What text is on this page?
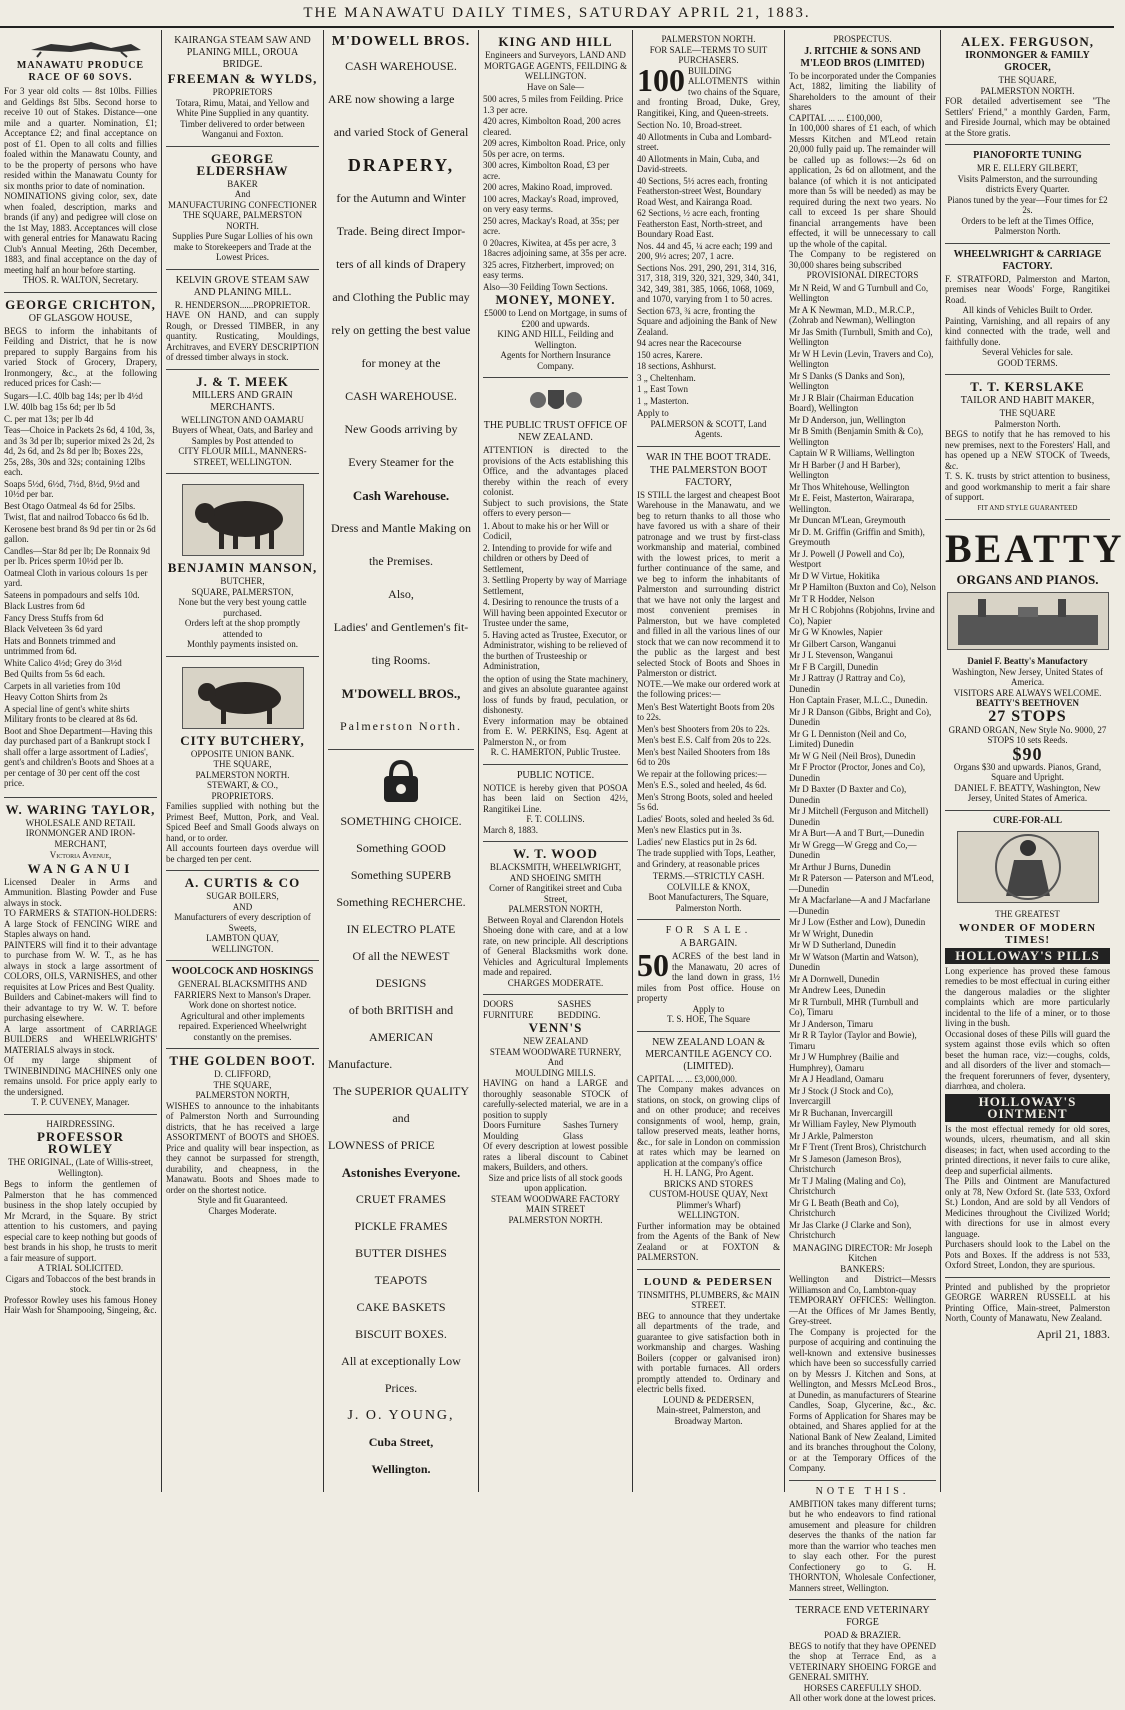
THE MANAWATU DAILY TIMES, SATURDAY APRIL 21, 1883.
MANAWATU PRODUCE RACE OF 60 SOVS.
For 3 year old colts — 8st 10lbs. Fillies and Geldings 8st 5lbs. Second horse to receive 10 out of Stakes. Distance—one mile and a quarter. Nomination, £1; Acceptance £2; and final acceptance on post of £1. Open to all colts and fillies foaled within the Manawatu County, and to be the property of persons who have resided within the Manawatu County for six months prior to date of nomination.
NOMINATIONS giving color, sex, date when foaled, description, marks and brands (if any) and pedigree will close on the 1st May, 1883. Acceptances will close with general entries for Manawatu Racing Club's Annual Meeting, 26th December, 1883, and final acceptance on the day of meeting half an hour before starting.
THOS. R. WALTON, Secretary.
GEORGE CRICHTON,
OF GLASGOW HOUSE,
BEGS to inform the inhabitants of Feilding and District, that he is now prepared to supply Bargains from his varied Stock of Grocery, Drapery, Ironmongery, &c., at the following reduced prices for Cash:—
Sugars—I.C. 40lb bag 14s; per lb 4½d
I.W. 40lb bag 15s 6d; per lb 5d
C. per mat 13s; per lb 4d
Teas—Choice in Packets 2s 6d, 4 10d, 3s, and 3s 3d per lb; superior mixed 2s 2d, 2s 4d, 2s 6d, and 2s 8d per lb; Boxes 22s, 25s, 28s, 30s and 32s; containing 12lbs each.
Soaps 5½d, 6½d, 7½d, 8½d, 9½d and 10½d per bar.
Best Otago Oatmeal 4s 6d for 25lbs.
Twist, flat and nailrod Tobacco 6s 6d lb.
Kerosene best brand 8s 9d per tin or 2s 6d gallon.
Candles—Star 8d per lb; De Ronnaix 9d per lb. Prices sperm 10½d per lb.
Oatmeal Cloth in various colours 1s per yard.
Sateens in pompadours and selfs 10d.
Black Lustres from 6d
Fancy Dress Stuffs from 6d
Black Velveteen 3s 6d yard
Hats and Bonnets trimmed and untrimmed from 6d.
White Calico 4½d; Grey do 3½d
Bed Quilts from 5s 6d each.
Carpets in all varieties from 10d
Heavy Cotton Shirts from 2s
A special line of gent's white shirts Military fronts to be cleared at 8s 6d.
Boot and Shoe Department—Having this day purchased part of a Bankrupt stock I shall offer a large assortment of Ladies', gent's and children's Boots and Shoes at a per centage of 30 per cent off the cost price.
W. WARING TAYLOR,
WHOLESALE AND RETAIL IRONMONGER AND IRON-MERCHANT,
Victoria Avenue,
WANGANUI
Licensed Dealer in Arms and Ammunition. Blasting Powder and Fuse always in stock.
TO FARMERS & STATION-HOLDERS: A large Stock of FENCING WIRE and Staples always on hand.
PAINTERS will find it to their advantage to purchase from W. W. T., as he has always in stock a large assortment of COLORS, OILS, VARNISHES, and other requisites at Low Prices and Best Quality.
Builders and Cabinet-makers will find to their advantage to try W. W. T. before purchasing elsewhere.
A large assortment of CARRIAGE BUILDERS and WHEELWRIGHTS' MATERIALS always in stock.
Of my large shipment of TWINEBINDING MACHINES only one remains unsold. For price apply early to the undersigned.
T. P. CUVENEY, Manager.
HAIRDRESSING.
PROFESSOR ROWLEY
THE ORIGINAL, (Late of Willis-street, Wellington).
Begs to inform the gentlemen of Palmerston that he has commenced business in the shop lately occupied by Mr Mcrard, in the Square. By strict attention to his customers, and paying especial care to keep nothing but goods of best brands in his shop, he trusts to merit a fair measure of support.
A TRIAL SOLICITED.
Cigars and Tobaccos of the best brands in stock.
Professor Rowley uses his famous Honey Hair Wash for Shampooing, Singeing, &c.
KAIRANGA STEAM SAW AND PLANING MILL, OROUA BRIDGE.
FREEMAN & WYLDS,
PROPRIETORS
Totara, Rimu, Matai, and Yellow and White Pine Supplied in any quantity.
Timber delivered to order between Wanganui and Foxton.
GEORGE ELDERSHAW
BAKER
And
MANUFACTURING CONFECTIONER
THE SQUARE, PALMERSTON NORTH.
Supplies Pure Sugar Lollies of his own make to Storekeepers and Trade at the Lowest Prices.
KELVIN GROVE STEAM SAW AND PLANING MILL.
R. HENDERSON......PROPRIETOR.
HAVE ON HAND, and can supply Rough, or Dressed TIMBER, in any quantity. Rusticating, Mouldings, Architraves, and EVERY DESCRIPTION of dressed timber always in stock.
J. & T. MEEK
MILLERS AND GRAIN MERCHANTS.
WELLINGTON AND OAMARU
Buyers of Wheat, Oats, and Barley and Samples by Post attended to
CITY FLOUR MILL, MANNERS-STREET, WELLINGTON.
BENJAMIN MANSON,
BUTCHER,
SQUARE, PALMERSTON,
None but the very best young cattle
purchased.
Orders left at the shop promptly
attended to
Monthly payments insisted on.
CITY BUTCHERY,
OPPOSITE UNION BANK.
THE SQUARE,
PALMERSTON NORTH.
STEWART, & CO.,
PROPRIETORS.
Families supplied with nothing but the Primest Beef, Mutton, Pork, and Veal. Spiced Beef and Small Goods always on hand, or to order.
All accounts fourteen days overdue will be charged ten per cent.
A. CURTIS & CO
SUGAR BOILERS,
AND
Manufacturers of every description of Sweets,
LAMBTON QUAY,
WELLINGTON.
WOOLCOCK AND HOSKINGS
GENERAL BLACKSMITHS AND FARRIERS Next to Manson's Draper.
Work done on shortest notice. Agricultural and other implements repaired. Experienced Wheelwright constantly on the premises.
THE GOLDEN BOOT.
D. CLIFFORD,
THE SQUARE,
PALMERSTON NORTH,
WISHES to announce to the inhabitants of Palmerston North and Surrounding districts, that he has received a large ASSORTMENT of BOOTS and SHOES. Price and quality will bear inspection, as they cannot be surpassed for strength, durability, and cheapness, in the Manawatu. Boots and Shoes made to order on the shortest notice.
Style and fit Guaranteed.
Charges Moderate.
M'DOWELL BROS.
CASH WAREHOUSE.
ARE now showing a large
and varied Stock of General
DRAPERY,
for the Autumn and Winter
Trade. Being direct Impor-
ters of all kinds of Drapery
and Clothing the Public may
rely on getting the best value
for money at the
CASH WAREHOUSE.
New Goods arriving by
Every Steamer for the
Cash Warehouse.
Dress and Mantle Making on
the Premises.
Also,
Ladies' and Gentlemen's fit-
ting Rooms.
M'DOWELL BROS.,
Palmerston North.
SOMETHING CHOICE.
Something GOOD
Something SUPERB
Something RECHERCHE.
IN ELECTRO PLATE
Of all the NEWEST DESIGNS
of both BRITISH and AMERICAN
Manufacture.
The SUPERIOR QUALITY and
LOWNESS of PRICE
Astonishes Everyone.
CRUET FRAMES
PICKLE FRAMES
BUTTER DISHES
TEAPOTS
CAKE BASKETS
BISCUIT BOXES.
All at exceptionally Low
Prices.
J. O. YOUNG,
Cuba Street,
Wellington.
KING AND HILL
Engineers and Surveyors, LAND AND MORTGAGE AGENTS, FEILDING & WELLINGTON.
Have on Sale—
500 acres, 5 miles from Feilding. Price 1.3 per acre.
420 acres, Kimbolton Road, 200 acres cleared.
209 acres, Kimbolton Road. Price, only 50s per acre, on terms.
300 acres, Kimbolton Road, £3 per acre.
200 acres, Makino Road, improved.
100 acres, Mackay's Road, improved, on very easy terms.
250 acres, Mackay's Road, at 35s; per acre.
0 20acres, Kiwitea, at 45s per acre, 3 18acres adjoining same, at 35s per acre.
325 acres, Fitzherbert, improved; on easy terms.
Also—30 Feilding Town Sections.
MONEY, MONEY.
£5000 to Lend on Mortgage, in sums of £200 and upwards.
KING AND HILL, Feilding and Wellington.
Agents for Northern Insurance Company.
THE PUBLIC TRUST OFFICE OF NEW ZEALAND.
ATTENTION is directed to the provisions of the Acts establishing this Office, and the advantages placed thereby within the reach of every colonist.
Subject to such provisions, the State offers to every person—
1. About to make his or her Will or Codicil,
2. Intending to provide for wife and children or others by Deed of Settlement,
3. Settling Property by way of Marriage Settlement,
4. Desiring to renounce the trusts of a Will having been appointed Executor or Trustee under the same,
5. Having acted as Trustee, Executor, or Administrator, wishing to be relieved of the burthen of Trusteeship or Administration,
the option of using the State machinery, and gives an absolute guarantee against loss of funds by fraud, peculation, or dishonesty.
Every information may be obtained from E. W. PERKINS, Esq. Agent at Palmerston N., or from
R. C. HAMERTON, Public Trustee.
PUBLIC NOTICE.
NOTICE is hereby given that POSOA has been laid on Section 42½, Rangitikei Line.
F. T. COLLINS.
March 8, 1883.
W. T. WOOD
BLACKSMITH, WHEELWRIGHT, AND SHOEING SMITH
Corner of Rangitikei street and Cuba Street,
PALMERSTON NORTH,
Between Royal and Clarendon Hotels
Shoeing done with care, and at a low rate, on new principle. All descriptions of General Blacksmiths work done. Vehicles and Agricultural Implements made and repaired.
CHARGES MODERATE.
DOORS FURNITURE
SASHES BEDDING.
VENN'S
NEW ZEALAND
STEAM WOODWARE TURNERY,
And
MOULDING MILLS.
HAVING on hand a LARGE and thoroughly seasonable STOCK of carefully-selected material, we are in a position to supply
Doors Furniture Moulding
Sashes Turnery Glass
Of every description at lowest possible rates a liberal discount to Cabinet makers, Builders, and others.
Size and price lists of all stock goods upon application.
STEAM WOODWARE FACTORY
MAIN STREET
PALMERSTON NORTH.
PALMERSTON NORTH.
FOR SALE—TERMS TO SUIT PURCHASERS.
100 BUILDING ALLOTMENTS within two chains of the Square, and fronting Broad, Duke, Grey, Rangitikei, King, and Queen-streets.
Section No. 10, Broad-street.
40 Allotments in Cuba and Lombard-street.
40 Allotments in Main, Cuba, and David-streets.
40 Sections, 5½ acres each, fronting Featherston-street West, Boundary Road West, and Kairanga Road.
62 Sections, ½ acre each, fronting Featherston East, North-street, and Boundary Road East.
Nos. 44 and 45, ¼ acre each; 199 and 200, 9½ acres; 207, 1 acre.
Sections Nos. 291, 290, 291, 314, 316, 317, 318, 319, 320, 321, 329, 340, 341, 342, 349, 381, 385, 1066, 1068, 1069, and 1070, varying from 1 to 50 acres.
Section 673, ¾ acre, fronting the Square and adjoining the Bank of New Zealand.
94 acres near the Racecourse
150 acres, Karere.
18 sections, Ashhurst.
3 „ Cheltenham.
1 „ East Town
1 „ Masterton.
Apply to
PALMERSON & SCOTT, Land Agents.
WAR IN THE BOOT TRADE.
THE PALMERSTON BOOT FACTORY,
IS STILL the largest and cheapest Boot Warehouse in the Manawatu, and we beg to return thanks to all those who have favored us with a share of their patronage and we trust by first-class workmanship and material, combined with the lowest prices, to merit a further continuance of the same, and we beg to inform the inhabitants of Palmerston and surrounding district that we have not only the largest and most convenient premises in Palmerston, but we have completed and filled in all the various lines of our stock that we can now recommend it to the public as the largest and best selected Stock of Boots and Shoes in Palmerston or district.
NOTE.—We make our ordered work at the following prices:—
Men's Best Watertight Boots from 20s to 22s.
Men's best Shooters from 20s to 22s.
Men's best E.S. Calf from 20s to 22s.
Men's best Nailed Shooters from 18s 6d to 20s
We repair at the following prices:—
Men's E.S., soled and heeled, 4s 6d.
Men's Strong Boots, soled and heeled 5s 6d.
Ladies' Boots, soled and heeled 3s 6d.
Men's new Elastics put in 3s.
Ladies' new Elastics put in 2s 6d.
The trade supplied with Tops, Leather, and Grindery, at reasonable prices
TERMS.—STRICTLY CASH.
COLVILLE & KNOX,
Boot Manufacturers, The Square, Palmerston North.
FOR SALE.
A BARGAIN.
50 ACRES of the best land in the Manawatu, 20 acres of the land down in grass, 1½ miles from Post office. House on property
Apply to
T. S. HOE, The Square
NEW ZEALAND LOAN & MERCANTILE AGENCY CO. (LIMITED).
CAPITAL ... ... £3,000,000.
The Company makes advances on stations, on stock, on growing clips of and on other produce; and receives consignments of wool, hemp, grain, tallow preserved meats, leather horns, &c., for sale in London on commission at rates which may be learned on application at the company's office
H. H. LANG, Pro Agent.
BRICKS AND STORES
CUSTOM-HOUSE QUAY, Next Plimmer's Wharf)
WELLINGTON.
Further information may be obtained from the Agents of the Bank of New Zealand or at FOXTON & PALMERSTON.
LOUND & PEDERSEN
TINSMITHS, PLUMBERS, &c MAIN STREET.
BEG to announce that they undertake all departments of the trade, and guarantee to give satisfaction both in workmanship and charges. Washing Boilers (copper or galvanised iron) with portable furnaces. All orders promptly attended to. Ordinary and electric bells fixed.
LOUND & PEDERSEN,
Main-street, Palmerston, and Broadway Marton.
PROSPECTUS.
J. RITCHIE & SONS AND M'LEOD BROS (LIMITED)
To be incorporated under the Companies Act, 1882, limiting the liability of Shareholders to the amount of their shares
CAPITAL ... ... £100,000,
In 100,000 shares of £1 each, of which Messrs Kitchen and M'Leod retain 20,000 fully paid up. The remainder will be called up as follows:—2s 6d on application, 2s 6d on allotment, and the balance (of which it is not anticipated more than 5s will be needed) as may be required during the next two years. No call to exceed 1s per share Should financial arrangements have been effected, it will be unnecessary to call up the whole of the capital.
The Company to be registered on 30,000 shares being subscribed
PROVISIONAL DIRECTORS
Mr N Reid, W and G Turnbull and Co, Wellington
Mr A K Newman, M.D., M.R.C.P., (Zohrab and Newman), Wellington
Mr Jas Smith (Turnbull, Smith and Co), Wellington
Mr W H Levin (Levin, Travers and Co), Wellington
Mr S Danks (S Danks and Son), Wellington
Mr J R Blair (Chairman Education Board), Wellington
Mr D Anderson, jun, Wellington
Mr B Smith (Benjamin Smith & Co), Wellington
Captain W R Williams, Wellington
Mr H Barber (J and H Barber), Wellington
Mr Thos Whitehouse, Wellington
Mr E. Feist, Masterton, Wairarapa, Wellington.
Mr Duncan M'Lean, Greymouth
Mr D. M. Griffin (Griffin and Smith), Greymouth
Mr J. Powell (J Powell and Co), Westport
Mr D W Virtue, Hokitika
Mr P Hamilton (Buxton and Co), Nelson
Mr T R Hodder, Nelson
Mr H C Robjohns (Robjohns, Irvine and Co), Napier
Mr G W Knowles, Napier
Mr Gilbert Carson, Wanganui
Mr J L Stevenson, Wanganui
Mr F B Cargill, Dunedin
Mr J Rattray (J Rattray and Co), Dunedin
Hon Captain Fraser, M.L.C., Dunedin.
Mr J R Danson (Gibbs, Bright and Co), Dunedin
Mr G L Denniston (Neil and Co, Limited) Dunedin
Mr W G Neil (Neil Bros), Dunedin
Mr F Proctor (Proctor, Jones and Co), Dunedin
Mr D Baxter (D Baxter and Co), Dunedin
Mr J Mitchell (Ferguson and Mitchell) Dunedin
Mr A Burt—A and T Burt,—Dunedin
Mr W Gregg—W Gregg and Co,—Dunedin
Mr Arthur J Burns, Dunedin
Mr R Paterson — Paterson and M'Leod,—Dunedin
Mr A Macfarlane—A and J Macfarlane—Dunedin
Mr J Low (Esther and Low), Dunedin
Mr W Wright, Dunedin
Mr W D Sutherland, Dunedin
Mr W Watson (Martin and Watson), Dunedin
Mr A Dornwell, Dunedin
Mr Andrew Lees, Dunedin
Mr R Turnbull, MHR (Turnbull and Co), Timaru
Mr J Anderson, Timaru
Mr R R Taylor (Taylor and Bowie), Timaru
Mr J W Humphrey (Bailie and Humphrey), Oamaru
Mr A J Headland, Oamaru
Mr J Stock (J Stock and Co), Invercargill
Mr R Buchanan, Invercargill
Mr William Fayley, New Plymouth
Mr J Arkle, Palmerston
Mr F Trent (Trent Bros), Christchurch
Mr S Jameson (Jameson Bros), Christchurch
Mr T J Maling (Maling and Co), Christchurch
Mr G L Beath (Beath and Co), Christchurch
Mr Jas Clarke (J Clarke and Son), Christchurch
MANAGING DIRECTOR: Mr Joseph Kitchen
BANKERS:
Wellington and District—Messrs Williamson and Co, Lambton-quay
TEMPORARY OFFICES: Wellington.—At the Offices of Mr James Bently, Grey-street.
The Company is projected for the purpose of acquiring and continuing the well-known and extensive businesses which have been so successfully carried on by Messrs J. Kitchen and Sons, at Wellington, and Messrs McLeod Bros., at Dunedin, as manufacturers of Stearine Candles, Soap, Glycerine, &c., &c. Forms of Application for Shares may be obtained, and Shares applied for at the National Bank of New Zealand, Limited and its branches throughout the Colony, or at the Temporary Offices of the Company.
NOTE THIS.
AMBITION takes many different turns; but he who endeavors to find rational amusement and pleasure for children deserves the thanks of the nation far more than the warrior who teaches men to slay each other. For the purest Confectionery go to G. H. THORNTON, Wholesale Confectioner, Manners street, Wellington.
TERRACE END VETERINARY FORGE
POAD & BRAZIER.
BEGS to notify that they have OPENED the shop at Terrace End, as a VETERINARY SHOEING FORGE and GENERAL SMITHY.
HORSES CAREFULLY SHOD.
All other work done at the lowest prices.
ALEX. FERGUSON,
IRONMONGER & FAMILY GROCER,
THE SQUARE,
PALMERSTON NORTH.
FOR detailed advertisement see "The Settlers' Friend," a monthly Garden, Farm, and Fireside Journal, which may be obtained at the Store gratis.
PIANOFORTE TUNING
MR E. ELLERY GILBERT,
Visits Palmerston, and the surrounding districts Every Quarter.
Pianos tuned by the year—Four times for £2 2s.
Orders to be left at the Times Office, Palmerston North.
WHEELWRIGHT & CARRIAGE FACTORY.
F. STRATFORD, Palmerston and Marton, premises near Woods' Forge, Rangitikei Road.
All kinds of Vehicles Built to Order.
Painting, Varnishing, and all repairs of any kind connected with the trade, well and faithfully done.
Several Vehicles for sale.
GOOD TERMS.
T. T. KERSLAKE
TAILOR AND HABIT MAKER,
THE SQUARE
Palmerston North.
BEGS to notify that he has removed to his new premises, next to the Foresters' Hall, and has opened up a NEW STOCK of Tweeds, &c.
T. S. K. trusts by strict attention to business, and good workmanship to merit a fair share of support.
FIT AND STYLE GUARANTEED
BEATTY
ORGANS AND PIANOS.
Daniel F. Beatty's Manufactory
Washington, New Jersey, United States of America.
VISITORS ARE ALWAYS WELCOME.
BEATTY'S BEETHOVEN
27 STOPS
GRAND ORGAN, New Style No. 9000, 27 STOPS 10 sets Reeds.
$90
Organs $30 and upwards. Pianos, Grand, Square and Upright.
DANIEL F. BEATTY, Washington, New Jersey, United States of America.
CURE-FOR-ALL
THE GREATEST
WONDER OF MODERN TIMES!
HOLLOWAY'S PILLS
Long experience has proved these famous remedies to be most effectual in curing either the dangerous maladies or the slighter complaints which are more particularly incidental to the life of a miner, or to those living in the bush.
Occasional doses of these Pills will guard the system against those evils which so often beset the human race, viz:—coughs, colds, and all disorders of the liver and stomach—the frequent forerunners of fever, dysentery, diarrhœa, and cholera.
HOLLOWAY'S OINTMENT
Is the most effectual remedy for old sores, wounds, ulcers, rheumatism, and all skin diseases; in fact, when used according to the printed directions, it never fails to cure alike, deep and superficial ailments.
The Pills and Ointment are Manufactured only at 78, New Oxford St. (late 533, Oxford St.) London, And are sold by all Vendors of Medicines throughout the Civilized World; with directions for use in almost every language.
Purchasers should look to the Label on the Pots and Boxes. If the address is not 533, Oxford Street, London, they are spurious.
Printed and published by the proprietor GEORGE WARREN RUSSELL at his Printing Office, Main-street, Palmerston North, County of Manawatu, New Zealand.
April 21, 1883.
